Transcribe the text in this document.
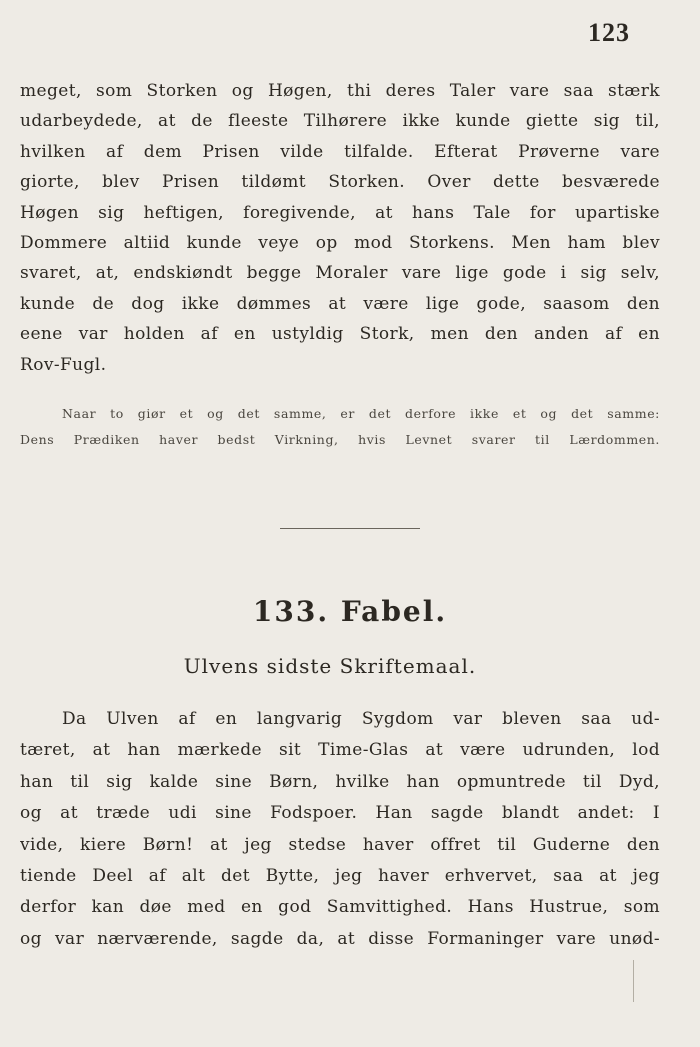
123
meget, som Storken og Høgen, thi deres Taler vare saa stærk
udarbeydede, at de fleeste Tilhørere ikke kunde giette sig til,
hvilken af dem Prisen vilde tilfalde. Efterat Prøverne vare
giorte, blev Prisen tildømt Storken. Over dette besværede
Høgen sig heftigen, foregivende, at hans Tale for upartiske
Dommere altiid kunde veye op mod Storkens. Men ham blev
svaret, at, endskiøndt begge Moraler vare lige gode i sig selv,
kunde de dog ikke dømmes at være lige gode, saasom den
eene var holden af en ustyldig Stork, men den anden af en
Rov-Fugl.
Naar to giør et og det samme, er det derfore ikke et og det samme:
Dens Prædiken haver bedst Virkning, hvis Levnet svarer til Lærdommen.
133. Fabel.
Ulvens sidste Skriftemaal.
Da Ulven af en langvarig Sygdom var bleven saa ud-
tæret, at han mærkede sit Time-Glas at være udrunden, lod
han til sig kalde sine Børn, hvilke han opmuntrede til Dyd,
og at træde udi sine Fodspoer. Han sagde blandt andet: I
vide, kiere Børn! at jeg stedse haver offret til Guderne den
tiende Deel af alt det Bytte, jeg haver erhvervet, saa at jeg
derfor kan døe med en god Samvittighed. Hans Hustrue, som
og var nærværende, sagde da, at disse Formaninger vare unød-
